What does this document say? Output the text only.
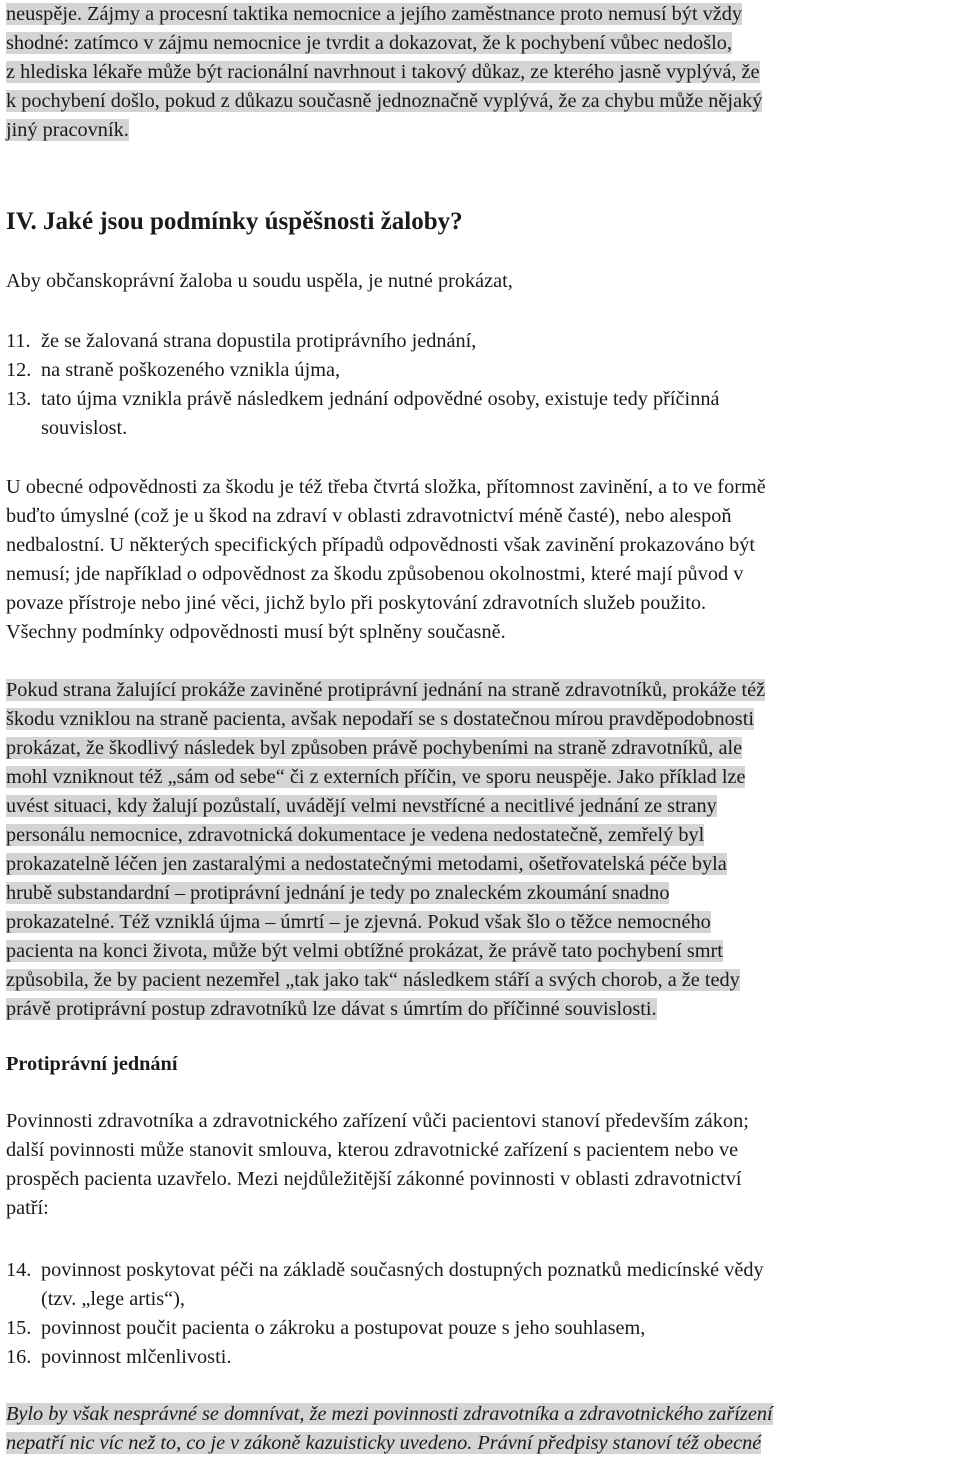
neuspěje. Zájmy a procesní taktika nemocnice a jejího zaměstnance proto nemusí být vždy
shodné: zatímco v zájmu nemocnice je tvrdit a dokazovat, že k pochybení vůbec nedošlo,
z hlediska lékaře může být racionální navrhnout i takový důkaz, ze kterého jasně vyplývá, že
k pochybení došlo, pokud z důkazu současně jednoznačně vyplývá, že za chybu může nějaký
jiný pracovník.
IV. Jaké jsou podmínky úspěšnosti žaloby?
Aby občanskoprávní žaloba u soudu uspěla, je nutné prokázat,
11. že se žalovaná strana dopustila protiprávního jednání,
12. na straně poškozeného vznikla újma,
13. tato újma vznikla právě následkem jednání odpovědné osoby, existuje tedy příčinná
souvislost.
U obecné odpovědnosti za škodu je též třeba čtvrtá složka, přítomnost zavinění, a to ve formě
buďto úmyslné (což je u škod na zdraví v oblasti zdravotnictví méně časté), nebo alespoň
nedbalostní. U některých specifických případů odpovědnosti však zavinění prokazováno být
nemusí; jde například o odpovědnost za škodu způsobenou okolnostmi, které mají původ v
povaze přístroje nebo jiné věci, jichž bylo při poskytování zdravotních služeb použito.
Všechny podmínky odpovědnosti musí být splněny současně.
Pokud strana žalující prokáže zaviněné protiprávní jednání na straně zdravotníků, prokáže též
škodu vzniklou na straně pacienta, avšak nepodaří se s dostatečnou mírou pravděpodobnosti
prokázat, že škodlivý následek byl způsoben právě pochybeními na straně zdravotníků, ale
mohl vzniknout též „sám od sebe“ či z externích příčin, ve sporu neuspěje. Jako příklad lze
uvést situaci, kdy žalují pozůstalí, uvádějí velmi nevstřícné a necitlivé jednání ze strany
personálu nemocnice, zdravotnická dokumentace je vedena nedostatečně, zemřelý byl
prokazatelně léčen jen zastaralými a nedostatečnými metodami, ošetřovatelská péče byla
hrubě substandardní – protiprávní jednání je tedy po znaleckém zkoumání snadno
prokazatelné. Též vzniklá újma – úmrtí – je zjevná. Pokud však šlo o těžce nemocného
pacienta na konci života, může být velmi obtížné prokázat, že právě tato pochybení smrt
způsobila, že by pacient nezemřel „tak jako tak“ následkem stáří a svých chorob, a že tedy
právě protiprávní postup zdravotníků lze dávat s úmrtím do příčinné souvislosti.
Protiprávní jednání
Povinnosti zdravotníka a zdravotnického zařízení vůči pacientovi stanoví především zákon;
další povinnosti může stanovit smlouva, kterou zdravotnické zařízení s pacientem nebo ve
prospěch pacienta uzavřelo. Mezi nejdůležitější zákonné povinnosti v oblasti zdravotnictví
patří:
14. povinnost poskytovat péči na základě současných dostupných poznatků medicínské vědy
(tzv. „lege artis“),
15. povinnost poučit pacienta o zákroku a postupovat pouze s jeho souhlasem,
16. povinnost mlčenlivosti.
Bylo by však nesprávné se domnívat, že mezi povinnosti zdravotníka a zdravotnického zařízení
nepatří nic víc než to, co je v zákoně kazuisticky uvedeno. Právní předpisy stanoví též obecné
